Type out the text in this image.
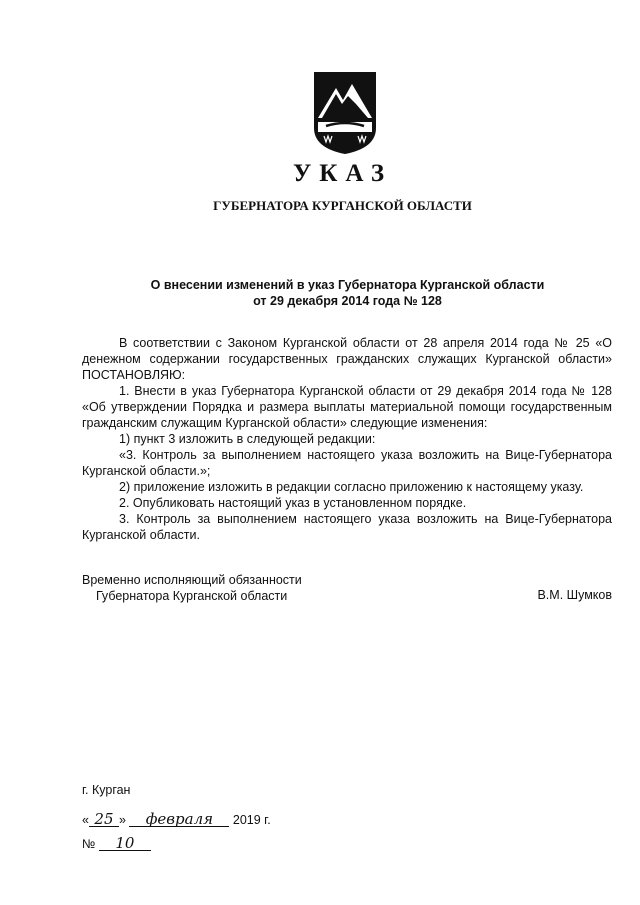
УКАЗ
ГУБЕРНАТОРА КУРГАНСКОЙ ОБЛАСТИ
О внесении изменений в указ Губернатора Курганской области
от 29 декабря 2014 года № 128

В соответствии с Законом Курганской области от 28 апреля 2014 года № 25 «О денежном содержании государственных гражданских служащих Курганской области» ПОСТАНОВЛЯЮ:

1. Внести в указ Губернатора Курганской области от 29 декабря 2014 года № 128 «Об утверждении Порядка и размера выплаты материальной помощи государственным гражданским служащим Курганской области» следующие изменения:

1) пункт 3 изложить в следующей редакции:

«3. Контроль за выполнением настоящего указа возложить на Вице-Губернатора Курганской области.»;

2) приложение изложить в редакции согласно приложению к настоящему указу.

2. Опубликовать настоящий указ в установленном порядке.

3. Контроль за выполнением настоящего указа возложить на Вице-Губернатора Курганской области.

Временно исполняющий обязанности
Губернатора Курганской области	В.М. Шумков
г. Курган
« 25 » февраля 2019 г.
№ 10
